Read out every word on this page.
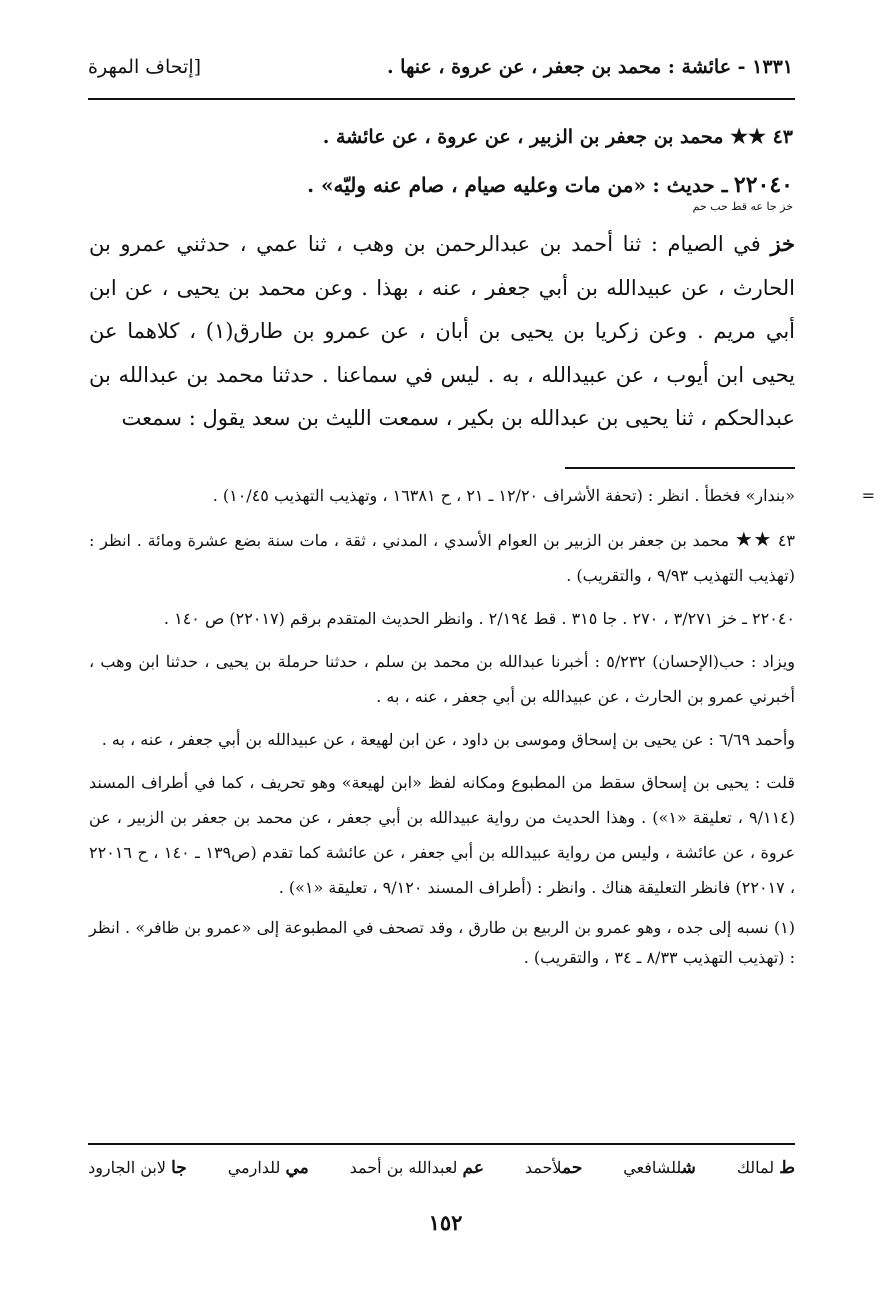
[إتحاف المهرة	١٣٣١ - عائشة : محمد بن جعفر ، عن عروة ، عنها .
٤٣ ★★ محمد بن جعفر بن الزبير ، عن عروة ، عن عائشة .
٢٢٠٤٠ ـ حديث : «من مات وعليه صيام ، صام عنه وليّه» .
خز جا عه قط حب حم
خز في الصيام : ثنا أحمد بن عبدالرحمن بن وهب ، ثنا عمي ، حدثني عمرو بن الحارث ، عن عبيدالله بن أبي جعفر ، عنه ، بهذا . وعن محمد بن يحيى ، عن ابن أبي مريم . وعن زكريا بن يحيى بن أبان ، عن عمرو بن طارق(١) ، كلاهما عن يحيى ابن أيوب ، عن عبيدالله ، به . ليس في سماعنا . حدثنا محمد بن عبدالله بن عبدالحكم ، ثنا يحيى بن عبدالله بن بكير ، سمعت الليث بن سعد يقول : سمعت
=
«بندار» فخطأ . انظر : (تحفة الأشراف ١٢/٢٠ ـ ٢١ ، ح ١٦٣٨١ ، وتهذيب التهذيب ١٠/٤٥) .
٤٣ ★★ محمد بن جعفر بن الزبير بن العوام الأسدي ، المدني ، ثقة ، مات سنة بضع عشرة ومائة . انظر : (تهذيب التهذيب ٩/٩٣ ، والتقريب) .
٢٢٠٤٠ ـ خز ٣/٢٧١ ، ٢٧٠ . جا ٣١٥ . قط ٢/١٩٤ . وانظر الحديث المتقدم برقم (٢٢٠١٧) ص ١٤٠ .
ويزاد : حب(الإحسان) ٥/٢٣٢ : أخبرنا عبدالله بن محمد بن سلم ، حدثنا حرملة بن يحيى ، حدثنا ابن وهب ، أخبرني عمرو بن الحارث ، عن عبيدالله بن أبي جعفر ، عنه ، به .
وأحمد ٦/٦٩ : عن يحيى بن إسحاق وموسى بن داود ، عن ابن لهيعة ، عن عبيدالله بن أبي جعفر ، عنه ، به .
قلت : يحيى بن إسحاق سقط من المطبوع ومكانه لفظ «ابن لهيعة» وهو تحريف ، كما في أطراف المسند (٩/١١٤ ، تعليقة «١») . وهذا الحديث من رواية عبيدالله بن أبي جعفر ، عن محمد بن جعفر بن الزبير ، عن عروة ، عن عائشة ، وليس من رواية عبيدالله بن أبي جعفر ، عن عائشة كما تقدم (ص١٣٩ ـ ١٤٠ ، ح ٢٢٠١٦ ، ٢٢٠١٧) فانظر التعليقة هناك . وانظر : (أطراف المسند ٩/١٢٠ ، تعليقة «١») .
(١) نسبه إلى جده ، وهو عمرو بن الربيع بن طارق ، وقد تصحف في المطبوعة إلى «عمرو بن ظافر» . انظر : (تهذيب التهذيب ٨/٣٣ ـ ٣٤ ، والتقريب) .
ط لمالك
شللشافعي
حملأحمد
عم لعبدالله بن أحمد
مي للدارمي
جا لابن الجارود
١٥٢
